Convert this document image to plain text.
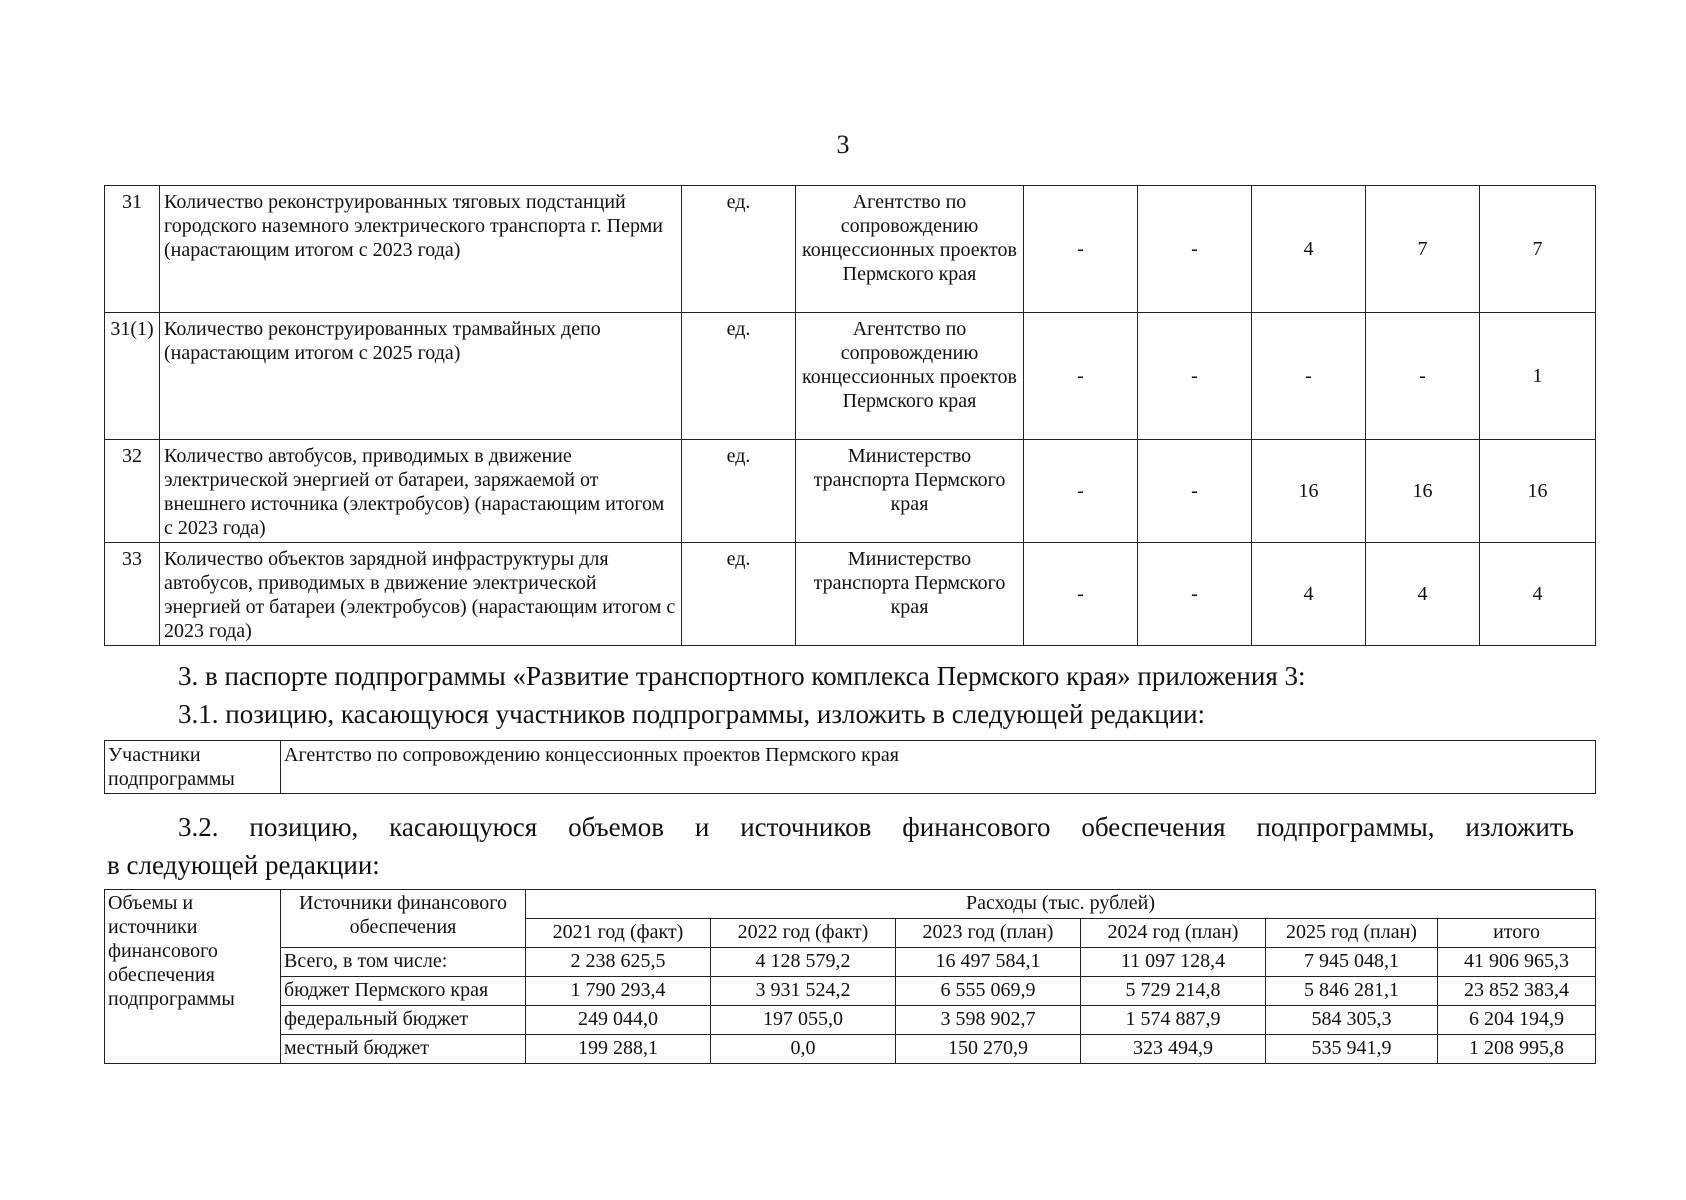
3
31	Количество реконструированных тяговых подстанций городского наземного электрического транспорта г. Перми (нарастающим итогом с 2023 года)	ед.	Агентство по сопровождению концессионных проектов Пермского края	-	-	4	7	7
31(1)	Количество реконструированных трамвайных депо (нарастающим итогом с 2025 года)	ед.	Агентство по сопровождению концессионных проектов Пермского края	-	-	-	-	1
32	Количество автобусов, приводимых в движение электрической энергией от батареи, заряжаемой от внешнего источника (электробусов) (нарастающим итогом с 2023 года)	ед.	Министерство транспорта Пермского края	-	-	16	16	16
33	Количество объектов зарядной инфраструктуры для автобусов, приводимых в движение электрической энергией от батареи (электробусов) (нарастающим итогом с 2023 года)	ед.	Министерство транспорта Пермского края	-	-	4	4	4
3. в паспорте подпрограммы «Развитие транспортного комплекса Пермского края» приложения 3:
3.1. позицию, касающуюся участников подпрограммы, изложить в следующей редакции:
Участники подпрограммы	Агентство по сопровождению концессионных проектов Пермского края
3.2. позицию, касающуюся объемов и источников финансового обеспечения подпрограммы, изложить
в следующей редакции:
Объемы и источники финансового обеспечения подпрограммы	Источники финансового обеспечения	Расходы (тыс. рублей)					
		2021 год (факт)	2022 год (факт)	2023 год (план)	2024 год (план)	2025 год (план)	итого
	Всего, в том числе:	2 238 625,5	4 128 579,2	16 497 584,1	11 097 128,4	7 945 048,1	41 906 965,3
	бюджет Пермского края	1 790 293,4	3 931 524,2	6 555 069,9	5 729 214,8	5 846 281,1	23 852 383,4
	федеральный бюджет	249 044,0	197 055,0	3 598 902,7	1 574 887,9	584 305,3	6 204 194,9
	местный бюджет	199 288,1	0,0	150 270,9	323 494,9	535 941,9	1 208 995,8
